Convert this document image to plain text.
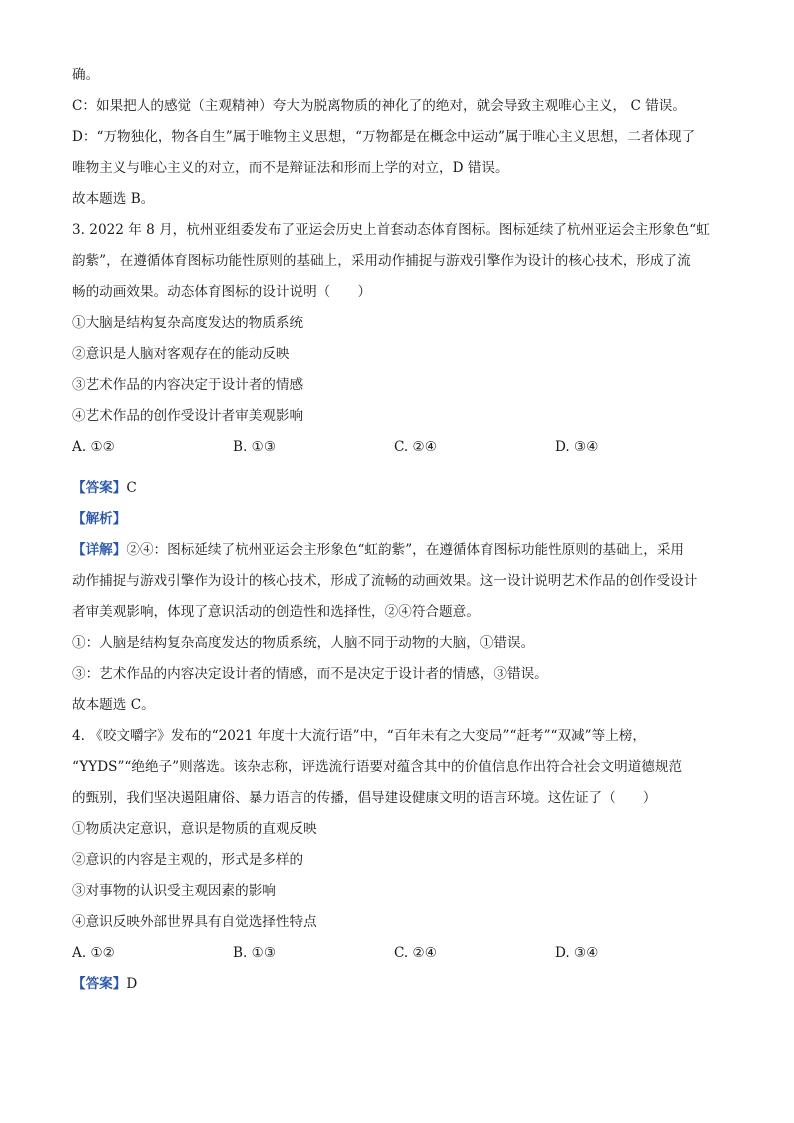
确。
C：如果把人的感觉（主观精神）夸大为脱离物质的神化了的绝对，就会导致主观唯心主义， C 错误。
D：“万物独化，物各自生”属于唯物主义思想，“万物都是在概念中运动”属于唯心主义思想，二者体现了
唯物主义与唯心主义的对立，而不是辩证法和形而上学的对立，D 错误。
故本题选 B。
3. 2022 年 8 月，杭州亚组委发布了亚运会历史上首套动态体育图标。图标延续了杭州亚运会主形象色“虹
韵紫”，在遵循体育图标功能性原则的基础上，采用动作捕捉与游戏引擎作为设计的核心技术，形成了流
畅的动画效果。动态体育图标的设计说明（　　）
①大脑是结构复杂高度发达的物质系统
②意识是人脑对客观存在的能动反映
③艺术作品的内容决定于设计者的情感
④艺术作品的创作受设计者审美观影响
A. ①②	B. ①③	C. ②④	D. ③④
【答案】C
【解析】
【详解】②④：图标延续了杭州亚运会主形象色“虹韵紫”，在遵循体育图标功能性原则的基础上，采用
动作捕捉与游戏引擎作为设计的核心技术，形成了流畅的动画效果。这一设计说明艺术作品的创作受设计
者审美观影响，体现了意识活动的创造性和选择性，②④符合题意。
①：人脑是结构复杂高度发达的物质系统，人脑不同于动物的大脑，①错误。
③：艺术作品的内容决定设计者的情感，而不是决定于设计者的情感，③错误。
故本题选 C。
4. 《咬文嚼字》发布的“2021 年度十大流行语”中，“百年未有之大变局”“赶考”“双减”等上榜，
“YYDS”“绝绝子”则落选。该杂志称，评选流行语要对蕴含其中的价值信息作出符合社会文明道德规范
的甄别，我们坚决遏阻庸俗、暴力语言的传播，倡导建设健康文明的语言环境。这佐证了（　　）
①物质决定意识，意识是物质的直观反映
②意识的内容是主观的，形式是多样的
③对事物的认识受主观因素的影响
④意识反映外部世界具有自觉选择性特点
A. ①②	B. ①③	C. ②④	D. ③④
【答案】D
